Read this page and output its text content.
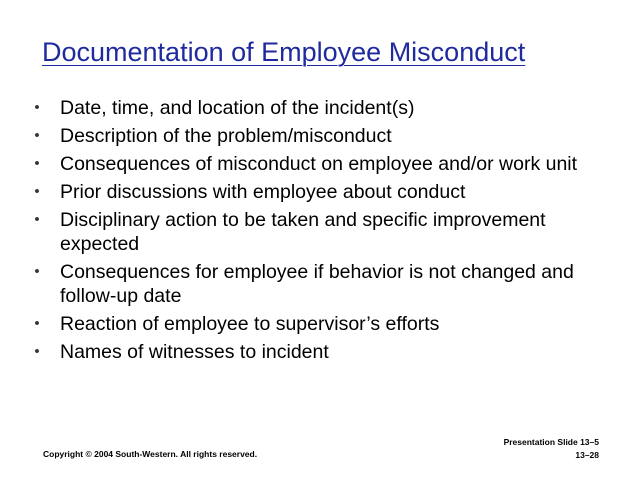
Documentation of Employee Misconduct
•	Date, time, and location of the incident(s)
•	Description of the problem/misconduct
•	Consequences of misconduct on employee and/or work unit
•	Prior discussions with employee about conduct
•	Disciplinary action to be taken and specific improvement expected
•	Consequences for employee if behavior is not changed and follow-up date
•	Reaction of employee to supervisor’s efforts
•	Names of witnesses to incident
Copyright © 2004 South-Western. All rights reserved.
Presentation Slide 13–5
13–28
